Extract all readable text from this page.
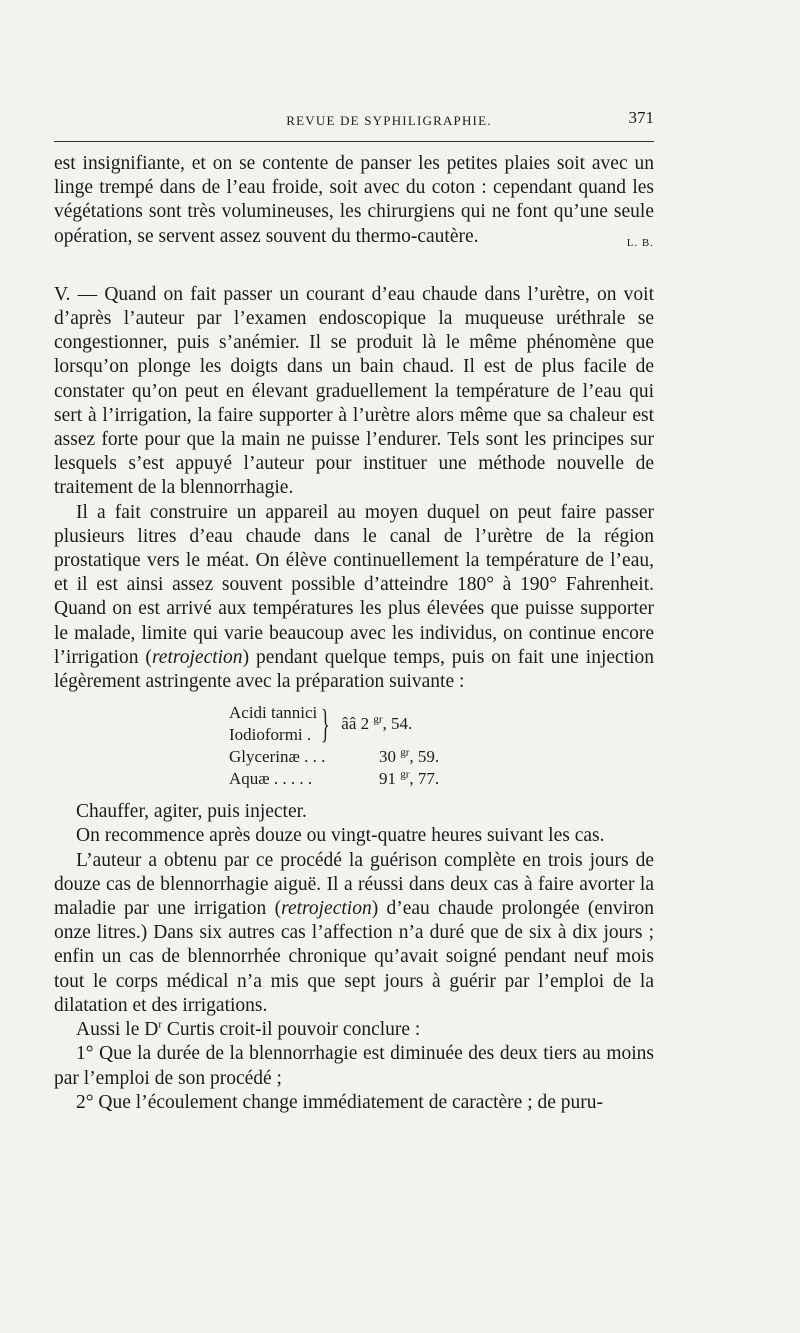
REVUE DE SYPHILIGRAPHIE.	371

est insignifiante, et on se contente de panser les petites plaies soit avec un linge trempé dans de l’eau froide, soit avec du coton : cependant quand les végétations sont très volumineuses, les chirurgiens qui ne font qu’une seule opération, se servent assez souvent du thermo-cautère.	L. B.

V. — Quand on fait passer un courant d’eau chaude dans l’urètre, on voit d’après l’auteur par l’examen endoscopique la muqueuse uréthrale se congestionner, puis s’anémier. Il se produit là le même phénomène que lorsqu’on plonge les doigts dans un bain chaud. Il est de plus facile de constater qu’on peut en élevant graduellement la température de l’eau qui sert à l’irrigation, la faire supporter à l’urètre alors même que sa chaleur est assez forte pour que la main ne puisse l’endurer. Tels sont les principes sur lesquels s’est appuyé l’auteur pour instituer une méthode nouvelle de traitement de la blennorrhagie.

Il a fait construire un appareil au moyen duquel on peut faire passer plusieurs litres d’eau chaude dans le canal de l’urètre de la région prostatique vers le méat. On élève continuellement la température de l’eau, et il est ainsi assez souvent possible d’atteindre 180° à 190° Fahrenheit. Quand on est arrivé aux températures les plus élevées que puisse supporter le malade, limite qui varie beaucoup avec les individus, on continue encore l’irrigation (retrojection) pendant quelque temps, puis on fait une injection légèrement astringente avec la préparation suivante :

Acidi tannici
Iodioformi . } ââ 2 $^{gr}$, 54.
Glycerinæ . . .	30 $^{gr}$, 59.
Aquæ . . . . .	91 $^{gr}$, 77.

Chauffer, agiter, puis injecter.

On recommence après douze ou vingt-quatre heures suivant les cas.

L’auteur a obtenu par ce procédé la guérison complète en trois jours de douze cas de blennorrhagie aiguë. Il a réussi dans deux cas à faire avorter la maladie par une irrigation (retrojection) d’eau chaude prolongée (environ onze litres.) Dans six autres cas l’affection n’a duré que de six à dix jours ; enfin un cas de blennorrhée chronique qu’avait soigné pendant neuf mois tout le corps médical n’a mis que sept jours à guérir par l’emploi de la dilatation et des irrigations.

Aussi le $D^r$ Curtis croit-il pouvoir conclure :

1° Que la durée de la blennorrhagie est diminuée des deux tiers au moins par l’emploi de son procédé ;

2° Que l’écoulement change immédiatement de caractère ; de puru-
